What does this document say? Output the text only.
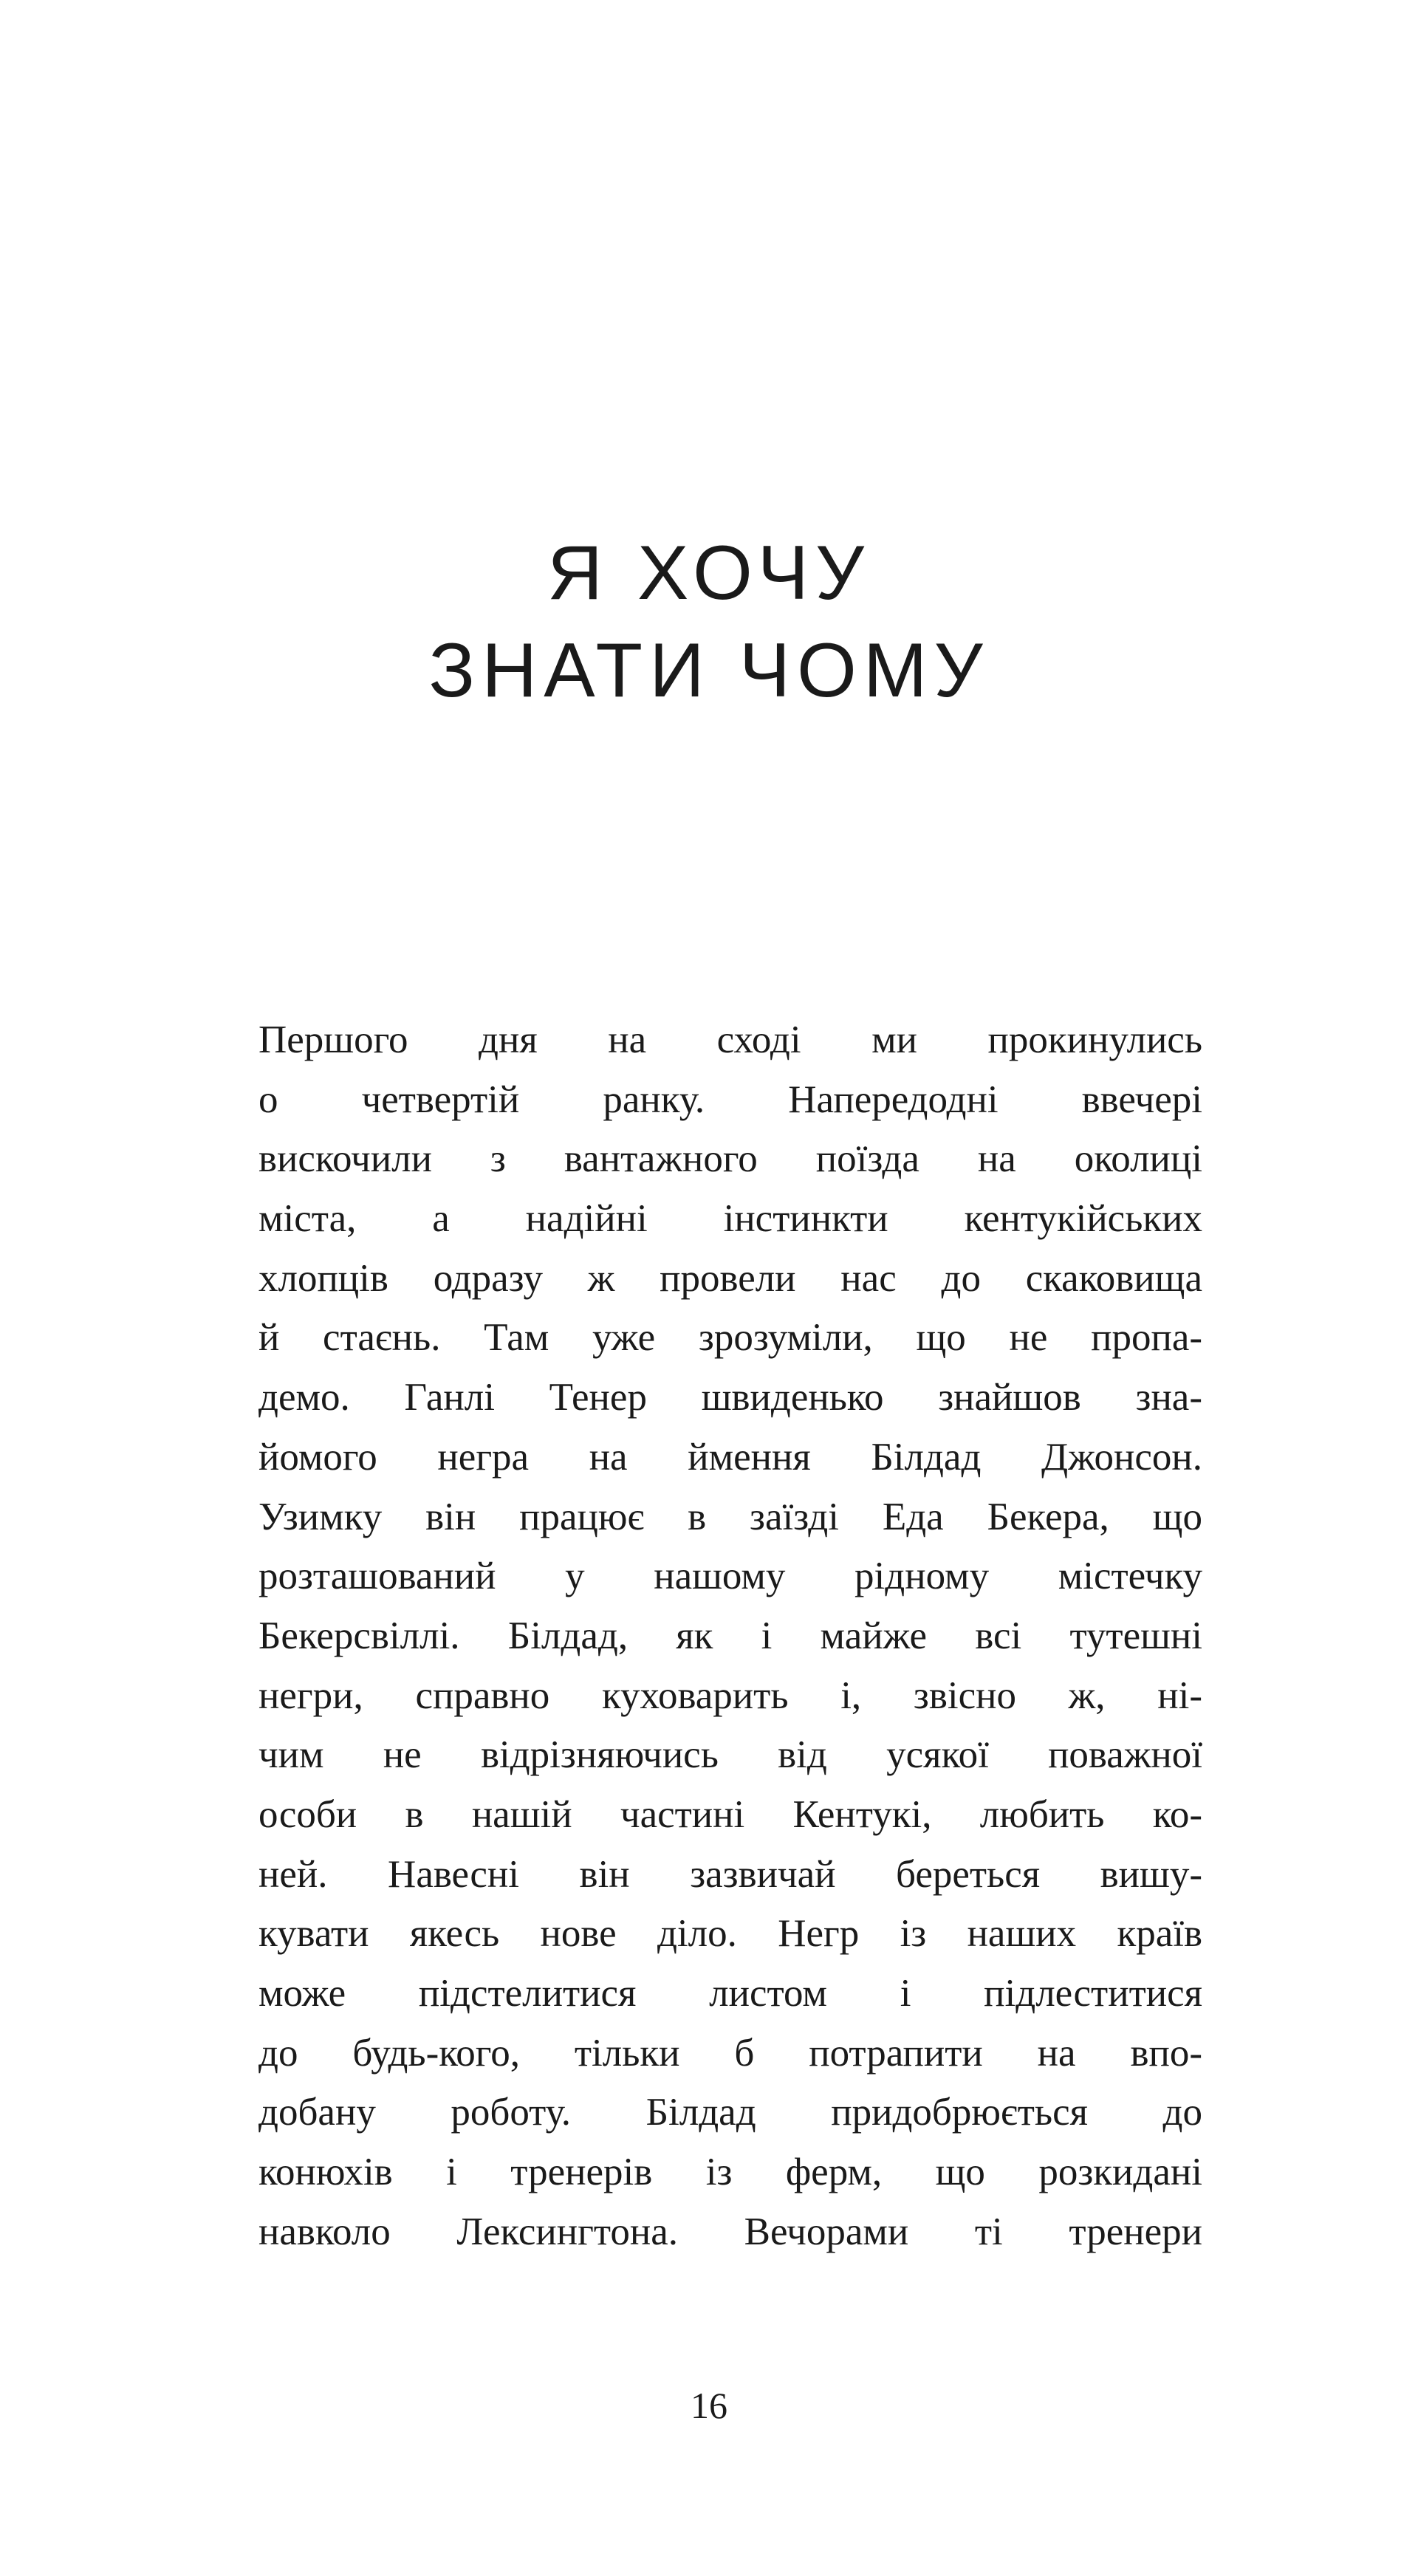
Я ХОЧУ
ЗНАТИ ЧОМУ
Першого дня на сході ми прокинулись
о четвертій ранку. Напередодні ввечері
вискочили з вантажного поїзда на околиці
міста, а надійні інстинкти кентукійських
хлопців одразу ж провели нас до скаковища
й стаєнь. Там уже зрозуміли, що не пропа-
демо. Ганлі Тенер швиденько знайшов зна-
йомого негра на ймення Білдад Джонсон.
Узимку він працює в заїзді Еда Бекера, що
розташований у нашому рідному містечку
Бекерсвіллі. Білдад, як і майже всі тутешні
негри, справно куховарить і, звісно ж, ні-
чим не відрізняючись від усякої поважної
особи в нашій частині Кентукі, любить ко-
ней. Навесні він зазвичай береться вишу-
кувати якесь нове діло. Негр із наших країв
може підстелитися листом і підлеститися
до будь-кого, тільки б потрапити на впо-
добану роботу. Білдад придобрюється до
конюхів і тренерів із ферм, що розкидані
навколо Лексингтона. Вечорами ті тренери
16
